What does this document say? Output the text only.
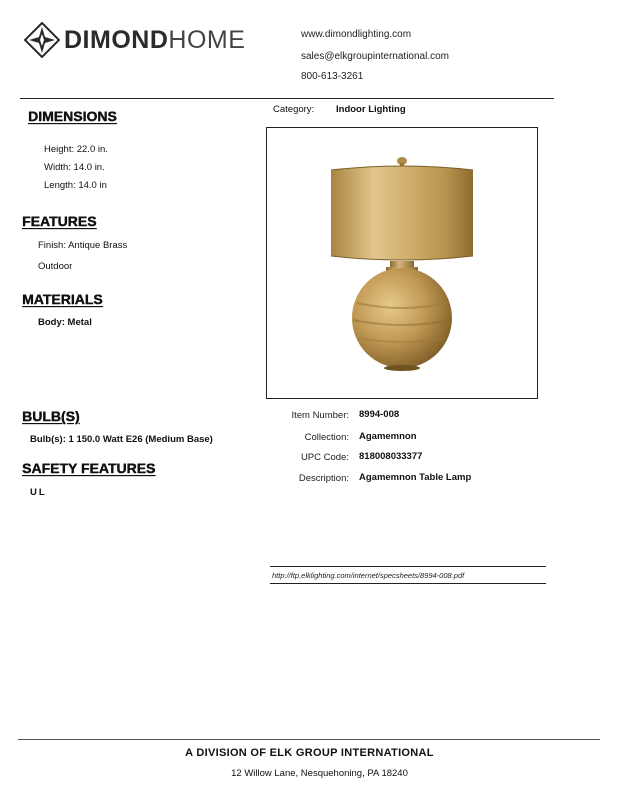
DIMONDHOME	www.dimondlighting.com
sales@elkgroupinternational.com
800-613-3261
DIMENSIONS
Height: 22.0 in.
Width: 14.0 in.
Length: 14.0 in
FEATURES
Finish: Antique Brass
Outdoor
MATERIALS
Body: Metal
BULB(S)
Bulb(s): 1 150.0 Watt E26 (Medium Base)
SAFETY FEATURES
UL
Category: Indoor Lighting
Item Number: 8994-008
Collection: Agamemnon
UPC Code: 818008033377
Description: Agamemnon Table Lamp
http://ftp.elklighting.com/internet/specsheets/8994-008.pdf
A DIVISION OF ELK GROUP INTERNATIONAL
12 Willow Lane, Nesquehoning, PA 18240
